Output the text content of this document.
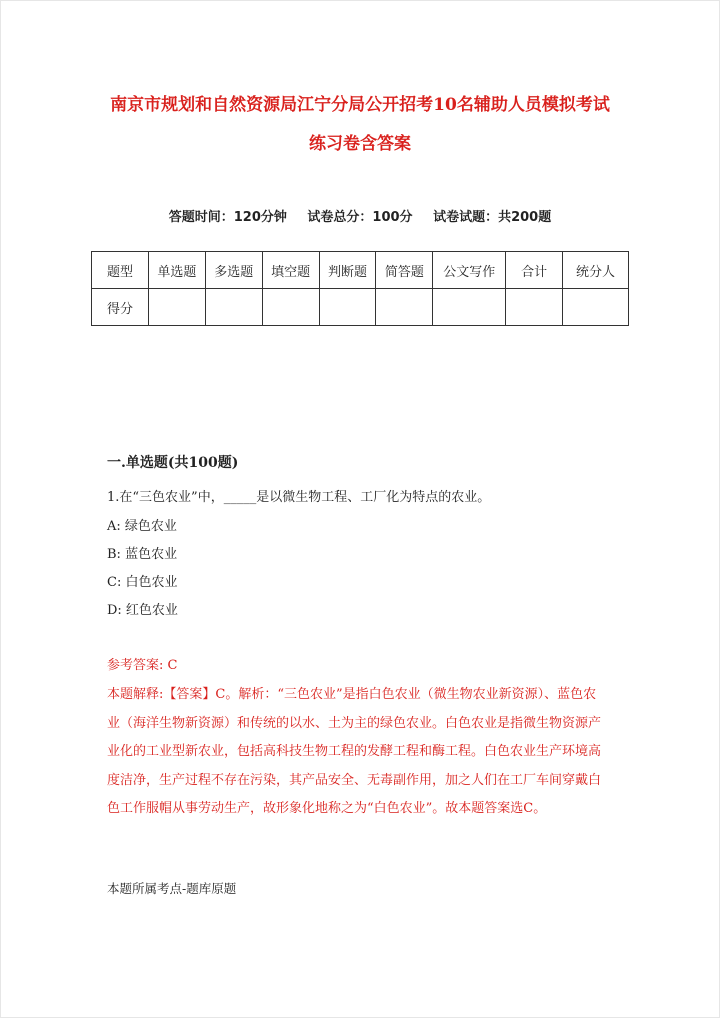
南京市规划和自然资源局江宁分局公开招考10名辅助人员模拟考试
练习卷含答案
答题时间：120分钟 试卷总分：100分 试卷试题：共200题
题型	单选题	多选题	填空题	判断题	简答题	公文写作	合计	统分人
得分								
一.单选题(共100题)
1.在“三色农业”中，_____是以微生物工程、工厂化为特点的农业。
A: 绿色农业
B: 蓝色农业
C: 白色农业
D: 红色农业
参考答案: C

本题解释:【答案】C。解析：“三色农业”是指白色农业（微生物农业新资源）、蓝色农业（海洋生物新资源）和传统的以水、土为主的绿色农业。白色农业是指微生物资源产业化的工业型新农业，包括高科技生物工程的发酵工程和酶工程。白色农业生产环境高度洁净，生产过程不存在污染，其产品安全、无毒副作用，加之人们在工厂车间穿戴白色工作服帽从事劳动生产，故形象化地称之为“白色农业”。故本题答案选C。

本题所属考点-题库原题
